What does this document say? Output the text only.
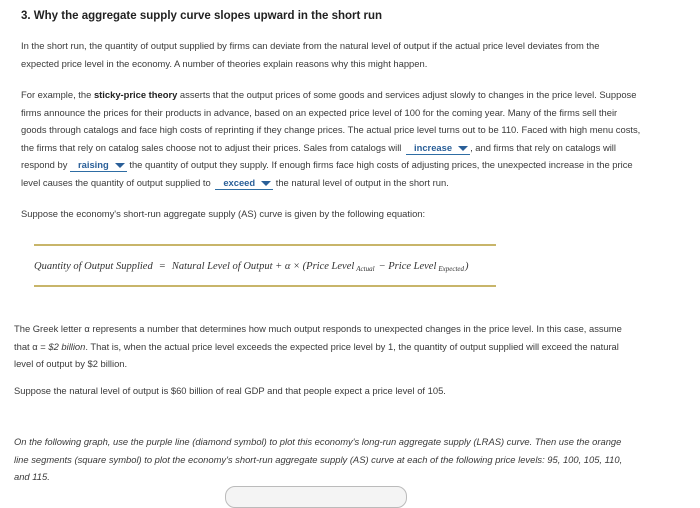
3. Why the aggregate supply curve slopes upward in the short run
In the short run, the quantity of output supplied by firms can deviate from the natural level of output if the actual price level deviates from the
expected price level in the economy. A number of theories explain reasons why this might happen.
For example, the sticky-price theory asserts that the output prices of some goods and services adjust slowly to changes in the price level. Suppose
firms announce the prices for their products in advance, based on an expected price level of 100 for the coming year. Many of the firms sell their
goods through catalogs and face high costs of reprinting if they change prices. The actual price level turns out to be 110. Faced with high menu costs,
the firms that rely on catalog sales choose not to adjust their prices. Sales from catalogs will increase , and firms that rely on catalogs will
respond by raising the quantity of output they supply. If enough firms face high costs of adjusting prices, the unexpected increase in the price
level causes the quantity of output supplied to exceed the natural level of output in the short run.
Suppose the economy's short-run aggregate supply (AS) curve is given by the following equation:
Quantity of Output Supplied = Natural Level of Output + α × (Price Level $_{Actual}$ − Price Level $_{Expected}$)
The Greek letter α represents a number that determines how much output responds to unexpected changes in the price level. In this case, assume
that α = $2 billion. That is, when the actual price level exceeds the expected price level by 1, the quantity of output supplied will exceed the natural
level of output by $2 billion.
Suppose the natural level of output is $60 billion of real GDP and that people expect a price level of 105.
On the following graph, use the purple line (diamond symbol) to plot this economy's long-run aggregate supply (LRAS) curve. Then use the orange
line segments (square symbol) to plot the economy's short-run aggregate supply (AS) curve at each of the following price levels: 95, 100, 105, 110,
and 115.
